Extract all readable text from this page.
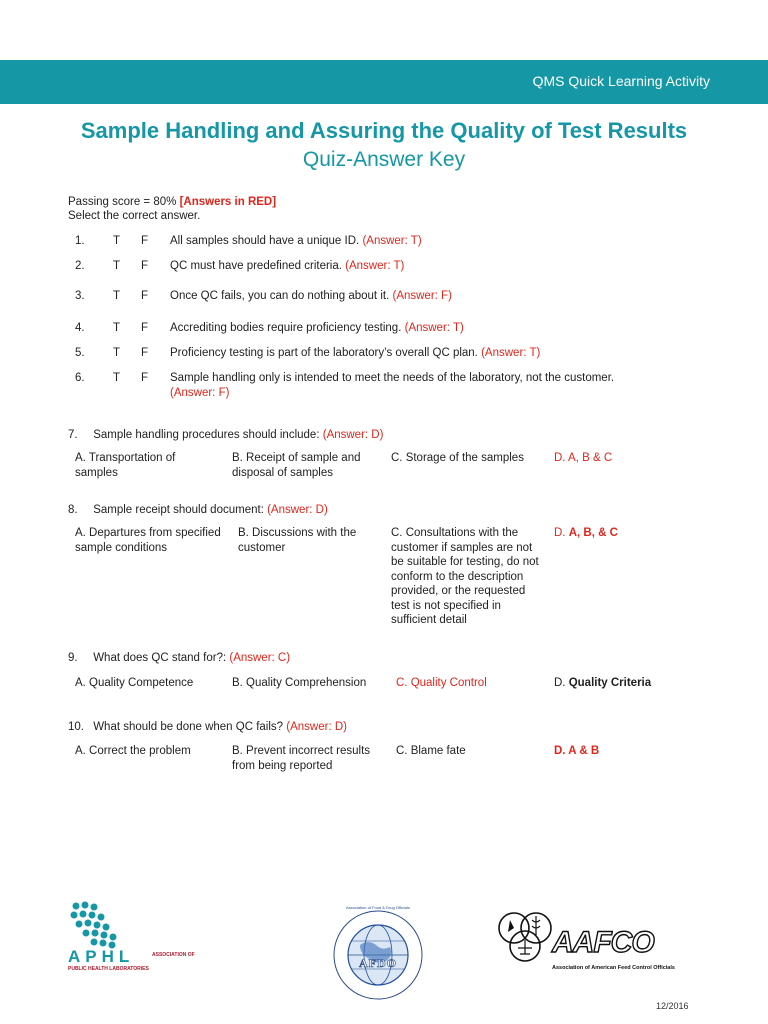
QMS Quick Learning Activity
Sample Handling and Assuring the Quality of Test Results
Quiz-Answer Key
Passing score = 80% [Answers in RED]
Select the correct answer.
1. T F All samples should have a unique ID. (Answer: T)
2. T F QC must have predefined criteria. (Answer: T)
3. T F Once QC fails, you can do nothing about it. (Answer: F)
4. T F Accrediting bodies require proficiency testing. (Answer: T)
5. T F Proficiency testing is part of the laboratory’s overall QC plan. (Answer: T)
6. T F Sample handling only is intended to meet the needs of the laboratory, not the customer.
(Answer: F)
7. Sample handling procedures should include: (Answer: D)
A. Transportation of samples
B. Receipt of sample and disposal of samples
C. Storage of the samples	D. A, B & C
8. Sample receipt should document: (Answer: D)
A. Departures from specified sample conditions
B. Discussions with the customer
C. Consultations with the customer if samples are not be suitable for testing, do not conform to the description provided, or the requested test is not specified in sufficient detail
D. A, B, & C
9. What does QC stand for?: (Answer: C)
A. Quality Competence	B. Quality Comprehension	C. Quality Control	D. Quality Criteria
10. What should be done when QC fails? (Answer: D)
A. Correct the problem	B. Prevent incorrect results from being reported
C. Blame fate	D. A & B
APHL	ASSOCIATION OF
PUBLIC HEALTH LABORATORIES	AFDO
Association of Food & Drug Officials
AAFCO
Association of American Feed Control Officials
12/2016
